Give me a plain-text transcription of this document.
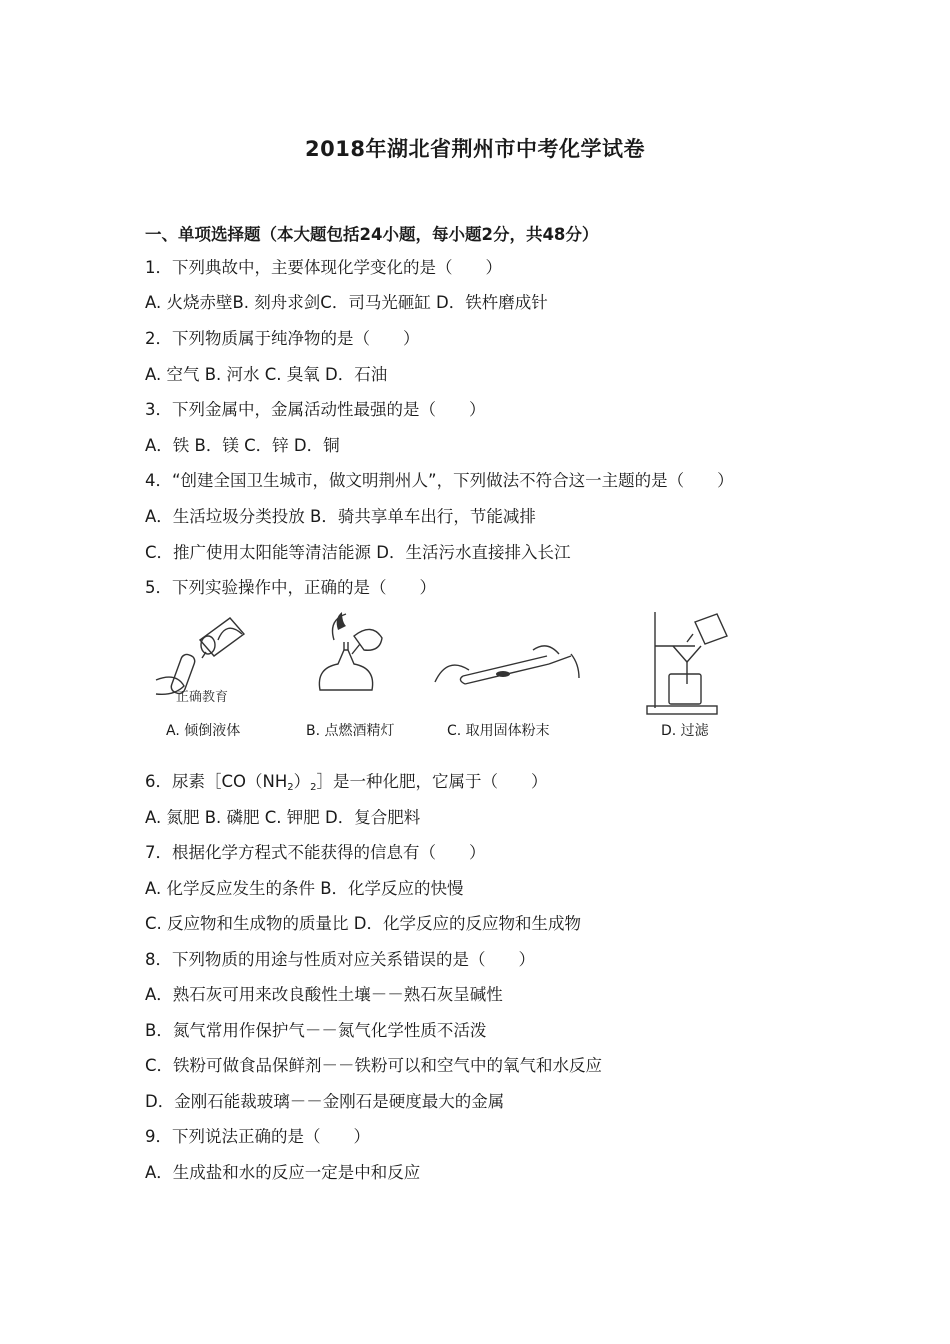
2018年湖北省荆州市中考化学试卷
一、单项选择题（本大题包括24小题，每小题2分，共48分）
1．下列典故中，主要体现化学变化的是（　　）
A. 火烧赤壁B. 刻舟求剑C．司马光砸缸 D．铁杵磨成针
2．下列物质属于纯净物的是（　　）
A. 空气 B. 河水 C. 臭氧 D．石油
3．下列金属中，金属活动性最强的是（　　）
A．铁 B．镁 C．锌 D．铜
4．“创建全国卫生城市，做文明荆州人”，下列做法不符合这一主题的是（　　）
A．生活垃圾分类投放 B．骑共享单车出行，节能减排
C．推广使用太阳能等清洁能源 D．生活污水直接排入长江
5．下列实验操作中，正确的是（　　）
正确教育
A. 倾倒液体	B. 点燃酒精灯	C. 取用固体粉末	D. 过滤
6．尿素$[CO(NH_2)_2]$是一种化肥，它属于（　　）
A. 氮肥 B. 磷肥 C. 钾肥 D．复合肥料
7．根据化学方程式不能获得的信息有（　　）
A. 化学反应发生的条件 B．化学反应的快慢
C. 反应物和生成物的质量比 D．化学反应的反应物和生成物
8．下列物质的用途与性质对应关系错误的是（　　）
A．熟石灰可用来改良酸性土壤－－熟石灰呈碱性
B．氮气常用作保护气－－氮气化学性质不活泼
C．铁粉可做食品保鲜剂－－铁粉可以和空气中的氧气和水反应
D．金刚石能裁玻璃－－金刚石是硬度最大的金属
9．下列说法正确的是（　　）
A．生成盐和水的反应一定是中和反应
